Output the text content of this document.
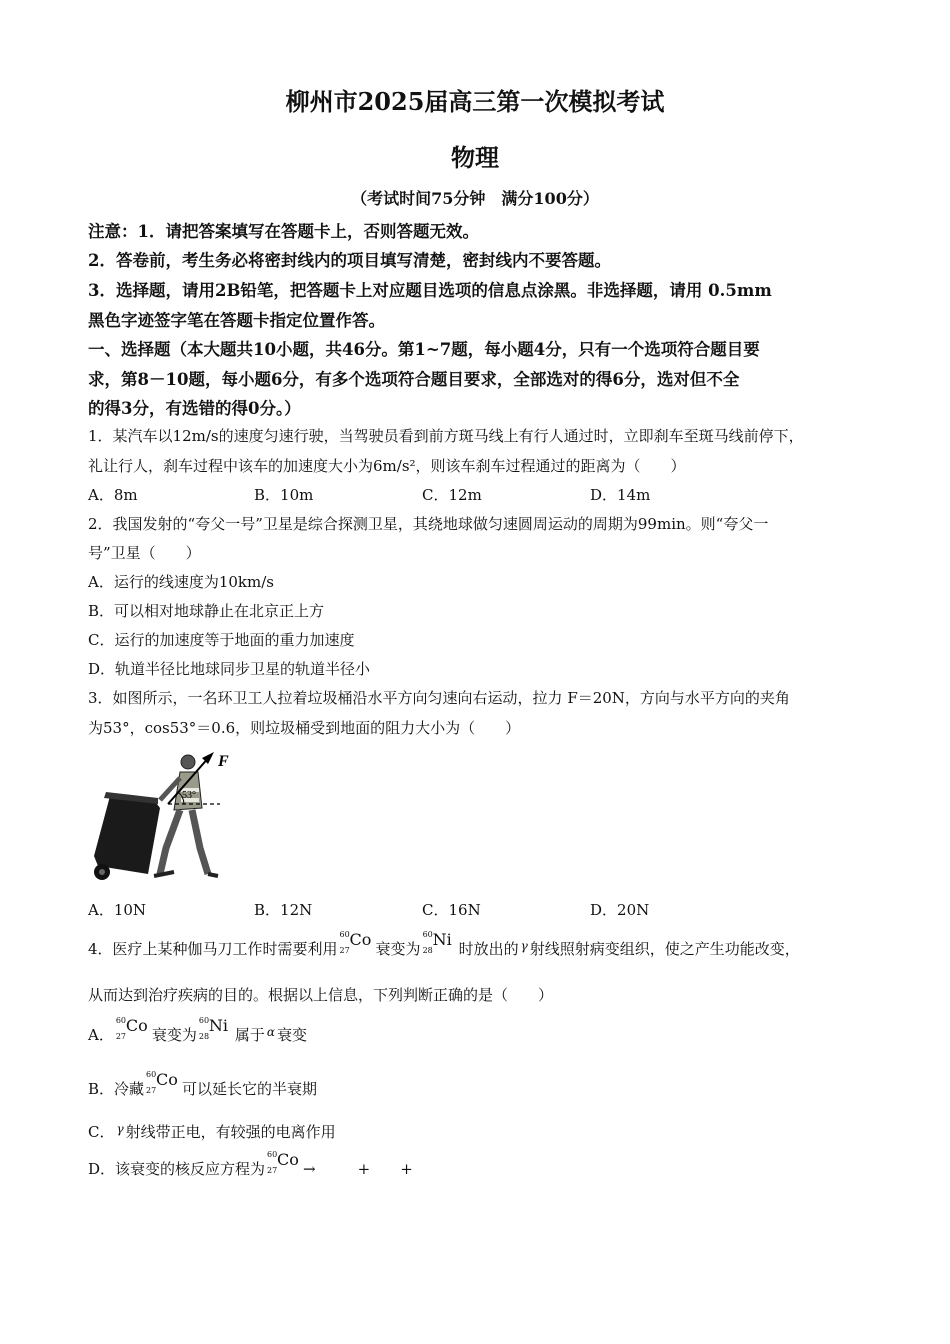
柳州市2025届高三第一次模拟考试
物理
（考试时间75分钟　满分100分）
注意：1．请把答案填写在答题卡上，否则答题无效。
2．答卷前，考生务必将密封线内的项目填写清楚，密封线内不要答题。
3．选择题，请用2B铅笔，把答题卡上对应题目选项的信息点涂黑。非选择题，请用 0.5mm
黑色字迹签字笔在答题卡指定位置作答。
一、选择题（本大题共10小题，共46分。第1~7题，每小题4分，只有一个选项符合题目要
求，第8－10题，每小题6分，有多个选项符合题目要求，全部选对的得6分，选对但不全
的得3分，有选错的得0分。）
1．某汽车以12m/s的速度匀速行驶，当驾驶员看到前方斑马线上有行人通过时，立即刹车至斑马线前停下，
礼让行人，刹车过程中该车的加速度大小为6m/s²，则该车刹车过程通过的距离为（　　）
A．8m	B．10m	C．12m	D．14m
2．我国发射的“夸父一号”卫星是综合探测卫星，其绕地球做匀速圆周运动的周期为99min。则“夸父一
号”卫星（　　）
A．运行的线速度为10km/s
B．可以相对地球静止在北京正上方
C．运行的加速度等于地面的重力加速度
D．轨道半径比地球同步卫星的轨道半径小
3．如图所示，一名环卫工人拉着垃圾桶沿水平方向匀速向右运动，拉力 F＝20N，方向与水平方向的夹角
为53°，cos53°＝0.6，则垃圾桶受到地面的阻力大小为（　　）
F
53°
A．10N	B．12N	C．16N	D．20N
4．医疗上某种伽马刀工作时需要利用
60
27
Co 衰变为
60
28
Ni 时放出的 γ 射线照射病变组织，使之产生功能改变，
从而达到治疗疾病的目的。根据以上信息，下列判断正确的是（　　）
A．
60
27
Co 衰变为
60
28
Ni 属于 α 衰变
B．冷藏
60
27
Co 可以延长它的半衰期
C． γ 射线带正电，有较强的电离作用
D．该衰变的核反应方程为
60
27
Co →	+ +
